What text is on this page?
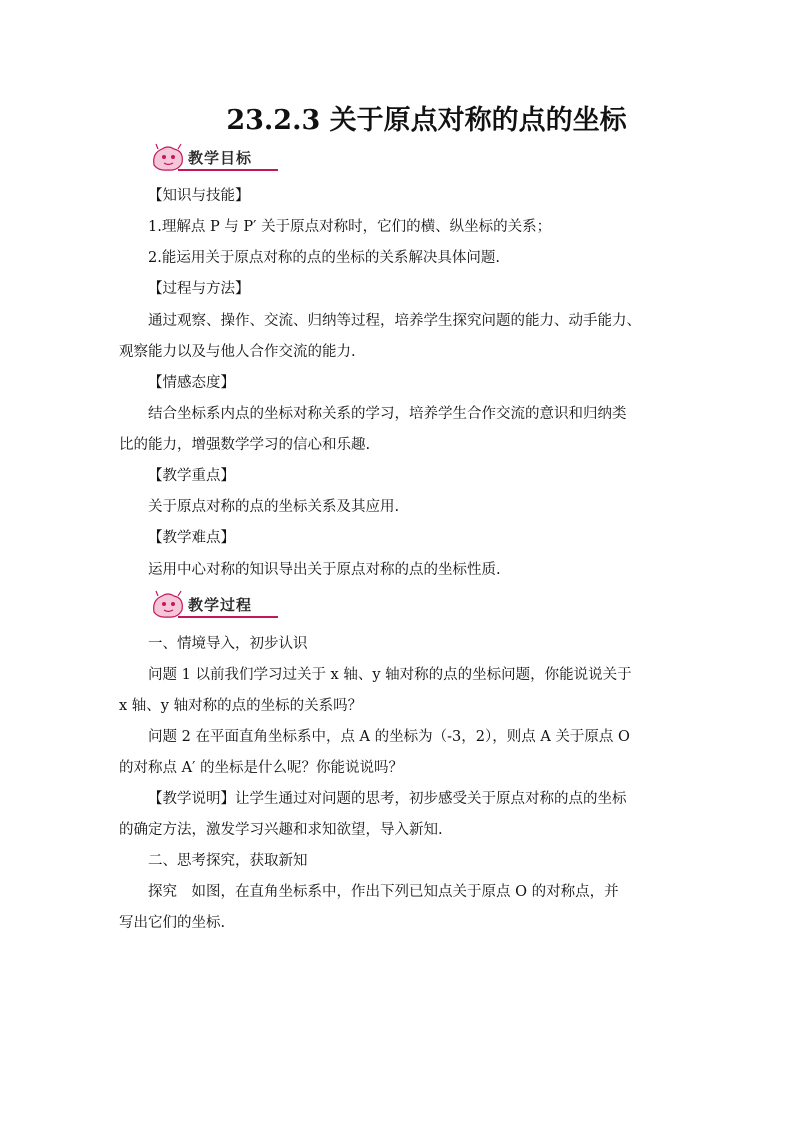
23.2.3 关于原点对称的点的坐标
教学目标
教学过程
【知识与技能】
1.理解点 P 与 P′ 关于原点对称时，它们的横、纵坐标的关系；
2.能运用关于原点对称的点的坐标的关系解决具体问题.
【过程与方法】
通过观察、操作、交流、归纳等过程，培养学生探究问题的能力、动手能力、
观察能力以及与他人合作交流的能力.
【情感态度】
结合坐标系内点的坐标对称关系的学习，培养学生合作交流的意识和归纳类
比的能力，增强数学学习的信心和乐趣.
【教学重点】
关于原点对称的点的坐标关系及其应用.
【教学难点】
运用中心对称的知识导出关于原点对称的点的坐标性质.
一、情境导入，初步认识
问题 1 以前我们学习过关于 x 轴、y 轴对称的点的坐标问题，你能说说关于
x 轴、y 轴对称的点的坐标的关系吗？
问题 2 在平面直角坐标系中，点 A 的坐标为（-3，2），则点 A 关于原点 O
的对称点 A′ 的坐标是什么呢？你能说说吗？
【教学说明】让学生通过对问题的思考，初步感受关于原点对称的点的坐标
的确定方法，激发学习兴趣和求知欲望，导入新知.
二、思考探究，获取新知
探究　如图，在直角坐标系中，作出下列已知点关于原点 O 的对称点，并
写出它们的坐标.
